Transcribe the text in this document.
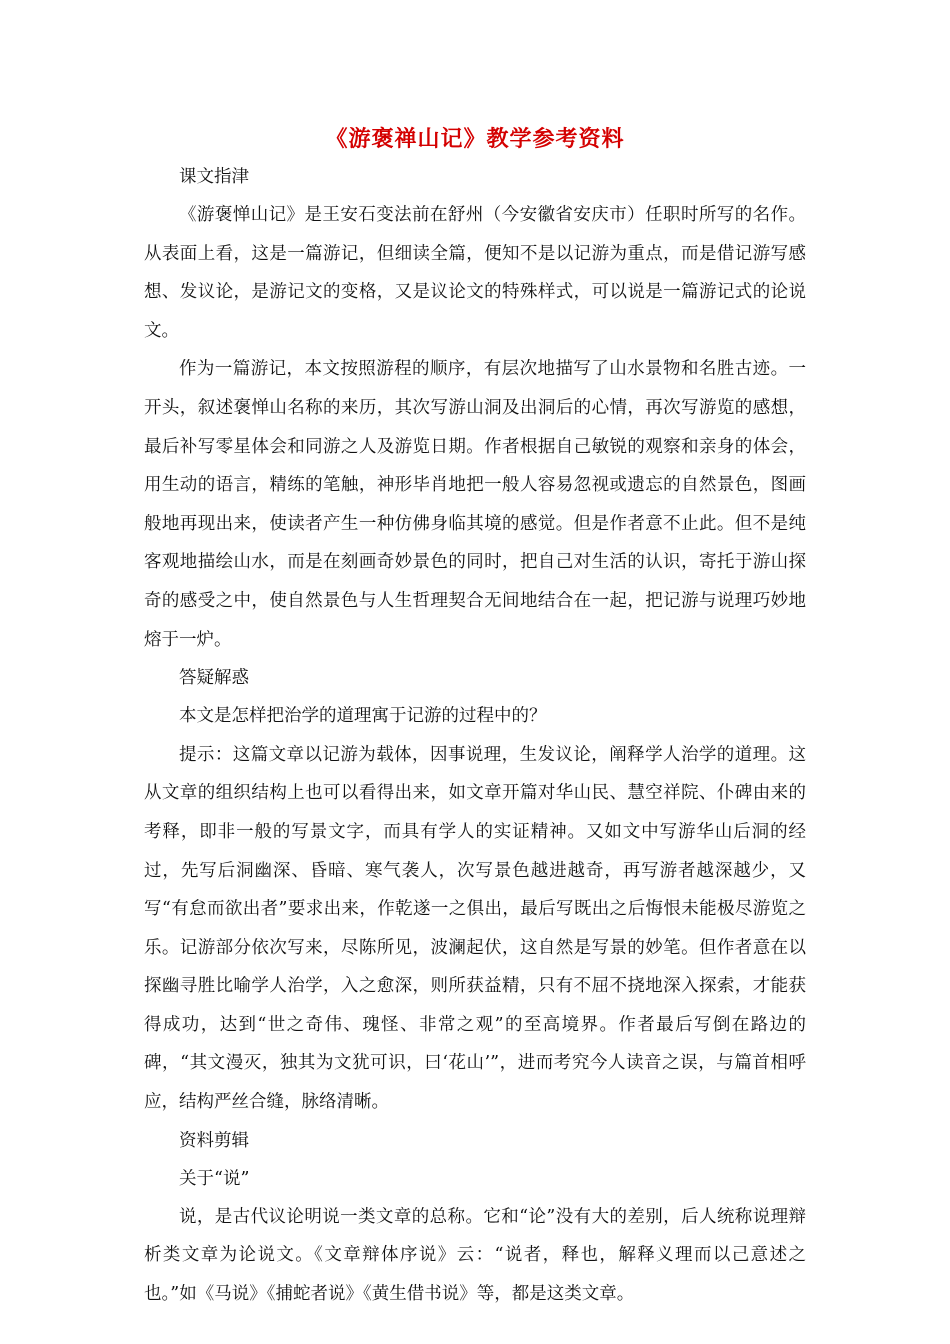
《游褒禅山记》教学参考资料

课文指津

《游褒惮山记》是王安石变法前在舒州（今安徽省安庆市）任职时所写的名作。从表面上看，这是一篇游记，但细读全篇，便知不是以记游为重点，而是借记游写感想、发议论，是游记文的变格，又是议论文的特殊样式，可以说是一篇游记式的论说文。

作为一篇游记，本文按照游程的顺序，有层次地描写了山水景物和名胜古迹。一开头，叙述褒惮山名称的来历，其次写游山洞及出洞后的心情，再次写游览的感想，最后补写零星体会和同游之人及游览日期。作者根据自己敏锐的观察和亲身的体会，用生动的语言，精练的笔触，神形毕肖地把一般人容易忽视或遗忘的自然景色，图画般地再现出来，使读者产生一种仿佛身临其境的感觉。但是作者意不止此。但不是纯客观地描绘山水，而是在刻画奇妙景色的同时，把自己对生活的认识，寄托于游山探奇的感受之中，使自然景色与人生哲理契合无间地结合在一起，把记游与说理巧妙地熔于一炉。

答疑解惑

本文是怎样把治学的道理寓于记游的过程中的？

提示：这篇文章以记游为载体，因事说理，生发议论，阐释学人治学的道理。这从文章的组织结构上也可以看得出来，如文章开篇对华山民、慧空祥院、仆碑由来的考释，即非一般的写景文字，而具有学人的实证精神。又如文中写游华山后洞的经过，先写后洞幽深、昏暗、寒气袭人，次写景色越进越奇，再写游者越深越少，又写“有怠而欲出者”要求出来，作乾遂一之俱出，最后写既出之后悔恨未能极尽游览之乐。记游部分依次写来，尽陈所见，波澜起伏，这自然是写景的妙笔。但作者意在以探幽寻胜比喻学人治学，入之愈深，则所获益精，只有不屈不挠地深入探索，才能获得成功，达到“世之奇伟、瑰怪、非常之观”的至高境界。作者最后写倒在路边的碑，“其文漫灭，独其为文犹可识，曰‘花山’”，进而考究今人读音之误，与篇首相呼应，结构严丝合缝，脉络清晰。

资料剪辑

关于“说”

说，是古代议论明说一类文章的总称。它和“论”没有大的差别，后人统称说理辩析类文章为论说文。《文章辩体序说》云：“说者，释也，解释义理而以己意述之也。”如《马说》《捕蛇者说》《黄生借书说》等，都是这类文章。
